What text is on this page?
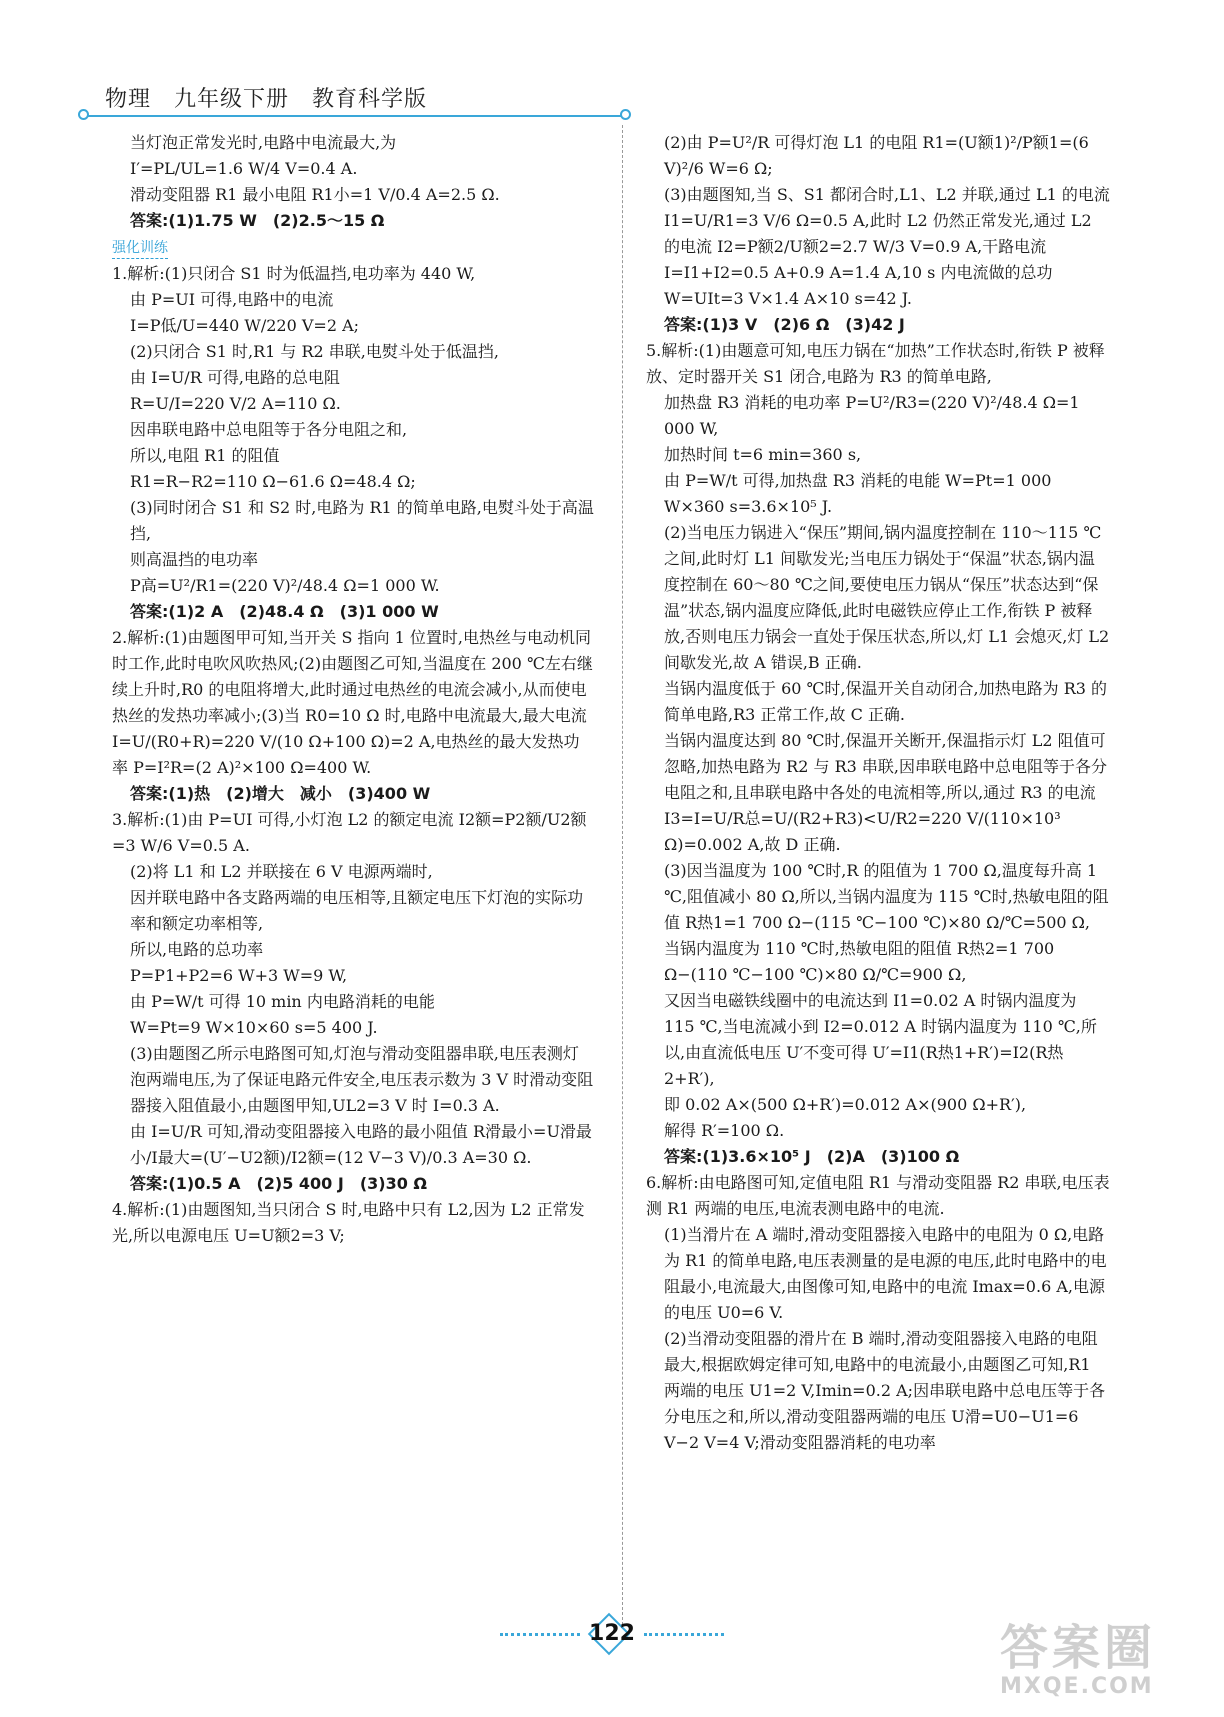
物理　九年级下册　教育科学版
当灯泡正常发光时,电路中电流最大,为
I′=PL/UL=1.6 W/4 V=0.4 A.
滑动变阻器 R1 最小电阻 R1小=1 V/0.4 A=2.5 Ω.
答案:(1)1.75 W　(2)2.5～15 Ω
强化训练
1.解析:(1)只闭合 S1 时为低温挡,电功率为 440 W,
由 P=UI 可得,电路中的电流
I=P低/U=440 W/220 V=2 A;
(2)只闭合 S1 时,R1 与 R2 串联,电熨斗处于低温挡,
由 I=U/R 可得,电路的总电阻
R=U/I=220 V/2 A=110 Ω.
因串联电路中总电阻等于各分电阻之和,
所以,电阻 R1 的阻值
R1=R−R2=110 Ω−61.6 Ω=48.4 Ω;
(3)同时闭合 S1 和 S2 时,电路为 R1 的简单电路,电熨斗处于高温挡,
则高温挡的电功率
P高=U²/R1=(220 V)²/48.4 Ω=1 000 W.
答案:(1)2 A　(2)48.4 Ω　(3)1 000 W
2.解析:(1)由题图甲可知,当开关 S 指向 1 位置时,电热丝与电动机同时工作,此时电吹风吹热风;(2)由题图乙可知,当温度在 200 ℃左右继续上升时,R0 的电阻将增大,此时通过电热丝的电流会减小,从而使电热丝的发热功率减小;(3)当 R0=10 Ω 时,电路中电流最大,最大电流 I=U/(R0+R)=220 V/(10 Ω+100 Ω)=2 A,电热丝的最大发热功率 P=I²R=(2 A)²×100 Ω=400 W.
答案:(1)热　(2)增大　减小　(3)400 W
3.解析:(1)由 P=UI 可得,小灯泡 L2 的额定电流 I2额=P2额/U2额=3 W/6 V=0.5 A.
(2)将 L1 和 L2 并联接在 6 V 电源两端时,
因并联电路中各支路两端的电压相等,且额定电压下灯泡的实际功率和额定功率相等,
所以,电路的总功率
P=P1+P2=6 W+3 W=9 W,
由 P=W/t 可得 10 min 内电路消耗的电能
W=Pt=9 W×10×60 s=5 400 J.
(3)由题图乙所示电路图可知,灯泡与滑动变阻器串联,电压表测灯泡两端电压,为了保证电路元件安全,电压表示数为 3 V 时滑动变阻器接入阻值最小,由题图甲知,UL2=3 V 时 I=0.3 A.
由 I=U/R 可知,滑动变阻器接入电路的最小阻值 R滑最小=U滑最小/I最大=(U′−U2额)/I2额=(12 V−3 V)/0.3 A=30 Ω.
答案:(1)0.5 A　(2)5 400 J　(3)30 Ω
4.解析:(1)由题图知,当只闭合 S 时,电路中只有 L2,因为 L2 正常发光,所以电源电压 U=U额2=3 V;
(2)由 P=U²/R 可得灯泡 L1 的电阻 R1=(U额1)²/P额1=(6 V)²/6 W=6 Ω;
(3)由题图知,当 S、S1 都闭合时,L1、L2 并联,通过 L1 的电流 I1=U/R1=3 V/6 Ω=0.5 A,此时 L2 仍然正常发光,通过 L2 的电流 I2=P额2/U额2=2.7 W/3 V=0.9 A,干路电流 I=I1+I2=0.5 A+0.9 A=1.4 A,10 s 内电流做的总功 W=UIt=3 V×1.4 A×10 s=42 J.
答案:(1)3 V　(2)6 Ω　(3)42 J
5.解析:(1)由题意可知,电压力锅在“加热”工作状态时,衔铁 P 被释放、定时器开关 S1 闭合,电路为 R3 的简单电路,
加热盘 R3 消耗的电功率 P=U²/R3=(220 V)²/48.4 Ω=1 000 W,
加热时间 t=6 min=360 s,
由 P=W/t 可得,加热盘 R3 消耗的电能 W=Pt=1 000 W×360 s=3.6×10⁵ J.
(2)当电压力锅进入“保压”期间,锅内温度控制在 110～115 ℃之间,此时灯 L1 间歇发光;当电压力锅处于“保温”状态,锅内温度控制在 60～80 ℃之间,要使电压力锅从“保压”状态达到“保温”状态,锅内温度应降低,此时电磁铁应停止工作,衔铁 P 被释放,否则电压力锅会一直处于保压状态,所以,灯 L1 会熄灭,灯 L2 间歇发光,故 A 错误,B 正确.
当锅内温度低于 60 ℃时,保温开关自动闭合,加热电路为 R3 的简单电路,R3 正常工作,故 C 正确.
当锅内温度达到 80 ℃时,保温开关断开,保温指示灯 L2 阻值可忽略,加热电路为 R2 与 R3 串联,因串联电路中总电阻等于各分电阻之和,且串联电路中各处的电流相等,所以,通过 R3 的电流 I3=I=U/R总=U/(R2+R3)<U/R2=220 V/(110×10³ Ω)=0.002 A,故 D 正确.
(3)因当温度为 100 ℃时,R 的阻值为 1 700 Ω,温度每升高 1 ℃,阻值减小 80 Ω,所以,当锅内温度为 115 ℃时,热敏电阻的阻值 R热1=1 700 Ω−(115 ℃−100 ℃)×80 Ω/℃=500 Ω,
当锅内温度为 110 ℃时,热敏电阻的阻值 R热2=1 700 Ω−(110 ℃−100 ℃)×80 Ω/℃=900 Ω,
又因当电磁铁线圈中的电流达到 I1=0.02 A 时锅内温度为 115 ℃,当电流减小到 I2=0.012 A 时锅内温度为 110 ℃,所以,由直流低电压 U′不变可得 U′=I1(R热1+R′)=I2(R热2+R′),
即 0.02 A×(500 Ω+R′)=0.012 A×(900 Ω+R′),
解得 R′=100 Ω.
答案:(1)3.6×10⁵ J　(2)A　(3)100 Ω
6.解析:由电路图可知,定值电阻 R1 与滑动变阻器 R2 串联,电压表测 R1 两端的电压,电流表测电路中的电流.
(1)当滑片在 A 端时,滑动变阻器接入电路中的电阻为 0 Ω,电路为 R1 的简单电路,电压表测量的是电源的电压,此时电路中的电阻最小,电流最大,由图像可知,电路中的电流 Imax=0.6 A,电源的电压 U0=6 V.
(2)当滑动变阻器的滑片在 B 端时,滑动变阻器接入电路的电阻最大,根据欧姆定律可知,电路中的电流最小,由题图乙可知,R1 两端的电压 U1=2 V,Imin=0.2 A;因串联电路中总电压等于各分电压之和,所以,滑动变阻器两端的电压 U滑=U0−U1=6 V−2 V=4 V;滑动变阻器消耗的电功率
122	答案圈
MXQE.COM
